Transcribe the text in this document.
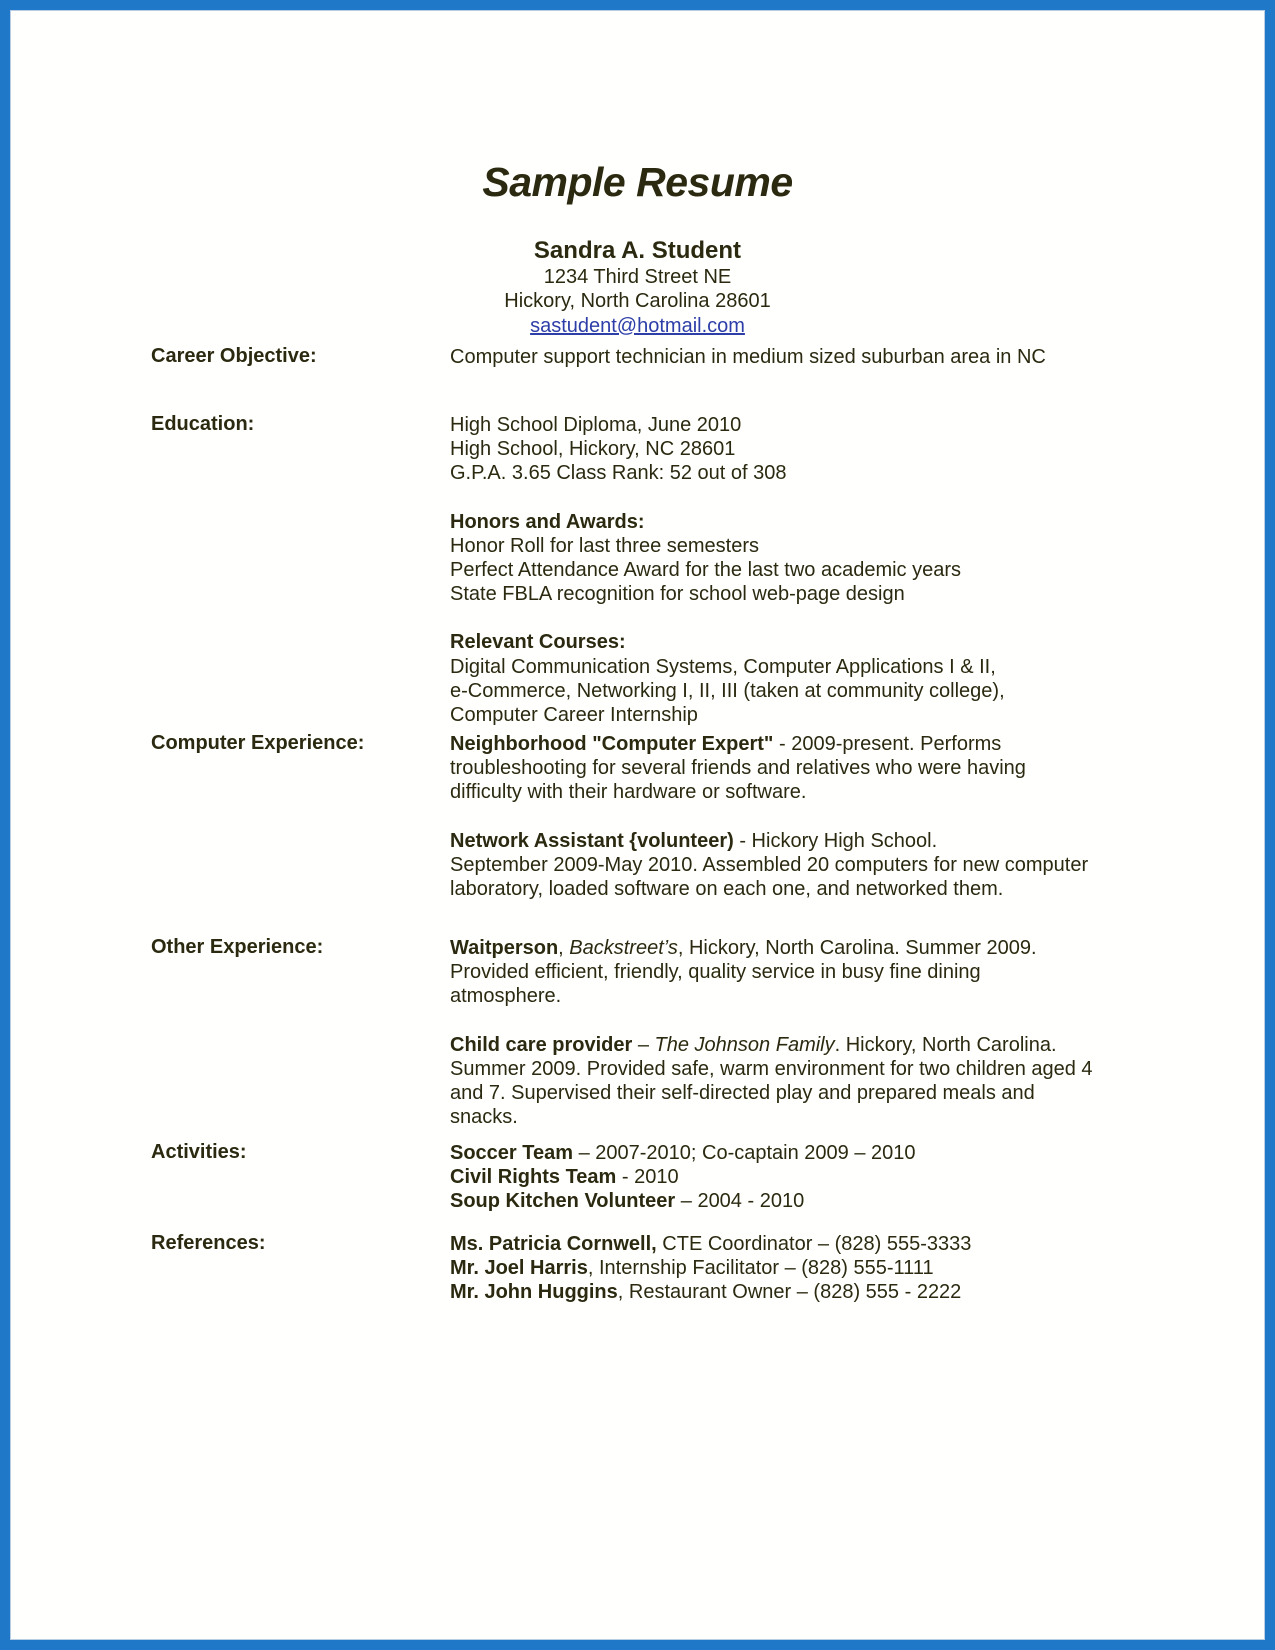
Sample Resume
Sandra A. Student
1234 Third Street NE
Hickory, North Carolina 28601
sastudent@hotmail.com
Career Objective:	Computer support technician in medium sized suburban area in NC

Education:	High School Diploma, June 2010
High School, Hickory, NC 28601
G.P.A. 3.65 Class Rank: 52 out of 308
Honors and Awards:
Honor Roll for last three semesters
Perfect Attendance Award for the last two academic years
State FBLA recognition for school web-page design
Relevant Courses:
Digital Communication Systems, Computer Applications I & II,
e-Commerce, Networking I, II, III (taken at community college),
Computer Career Internship
Computer Experience:	Neighborhood "Computer Expert" - 2009-present. Performs
troubleshooting for several friends and relatives who were having
difficulty with their hardware or software.
Network Assistant {volunteer) - Hickory High School.
September 2009-May 2010. Assembled 20 computers for new computer
laboratory, loaded software on each one, and networked them.
Other Experience:	Waitperson, Backstreet’s, Hickory, North Carolina. Summer 2009.
Provided efficient, friendly, quality service in busy fine dining
atmosphere.
Child care provider – The Johnson Family. Hickory, North Carolina.
Summer 2009. Provided safe, warm environment for two children aged 4
and 7. Supervised their self-directed play and prepared meals and
snacks.
Activities:	Soccer Team – 2007-2010; Co-captain 2009 – 2010
Civil Rights Team - 2010
Soup Kitchen Volunteer – 2004 - 2010
References:	Ms. Patricia Cornwell, CTE Coordinator – (828) 555-3333
Mr. Joel Harris, Internship Facilitator – (828) 555-1111
Mr. John Huggins, Restaurant Owner – (828) 555 - 2222
